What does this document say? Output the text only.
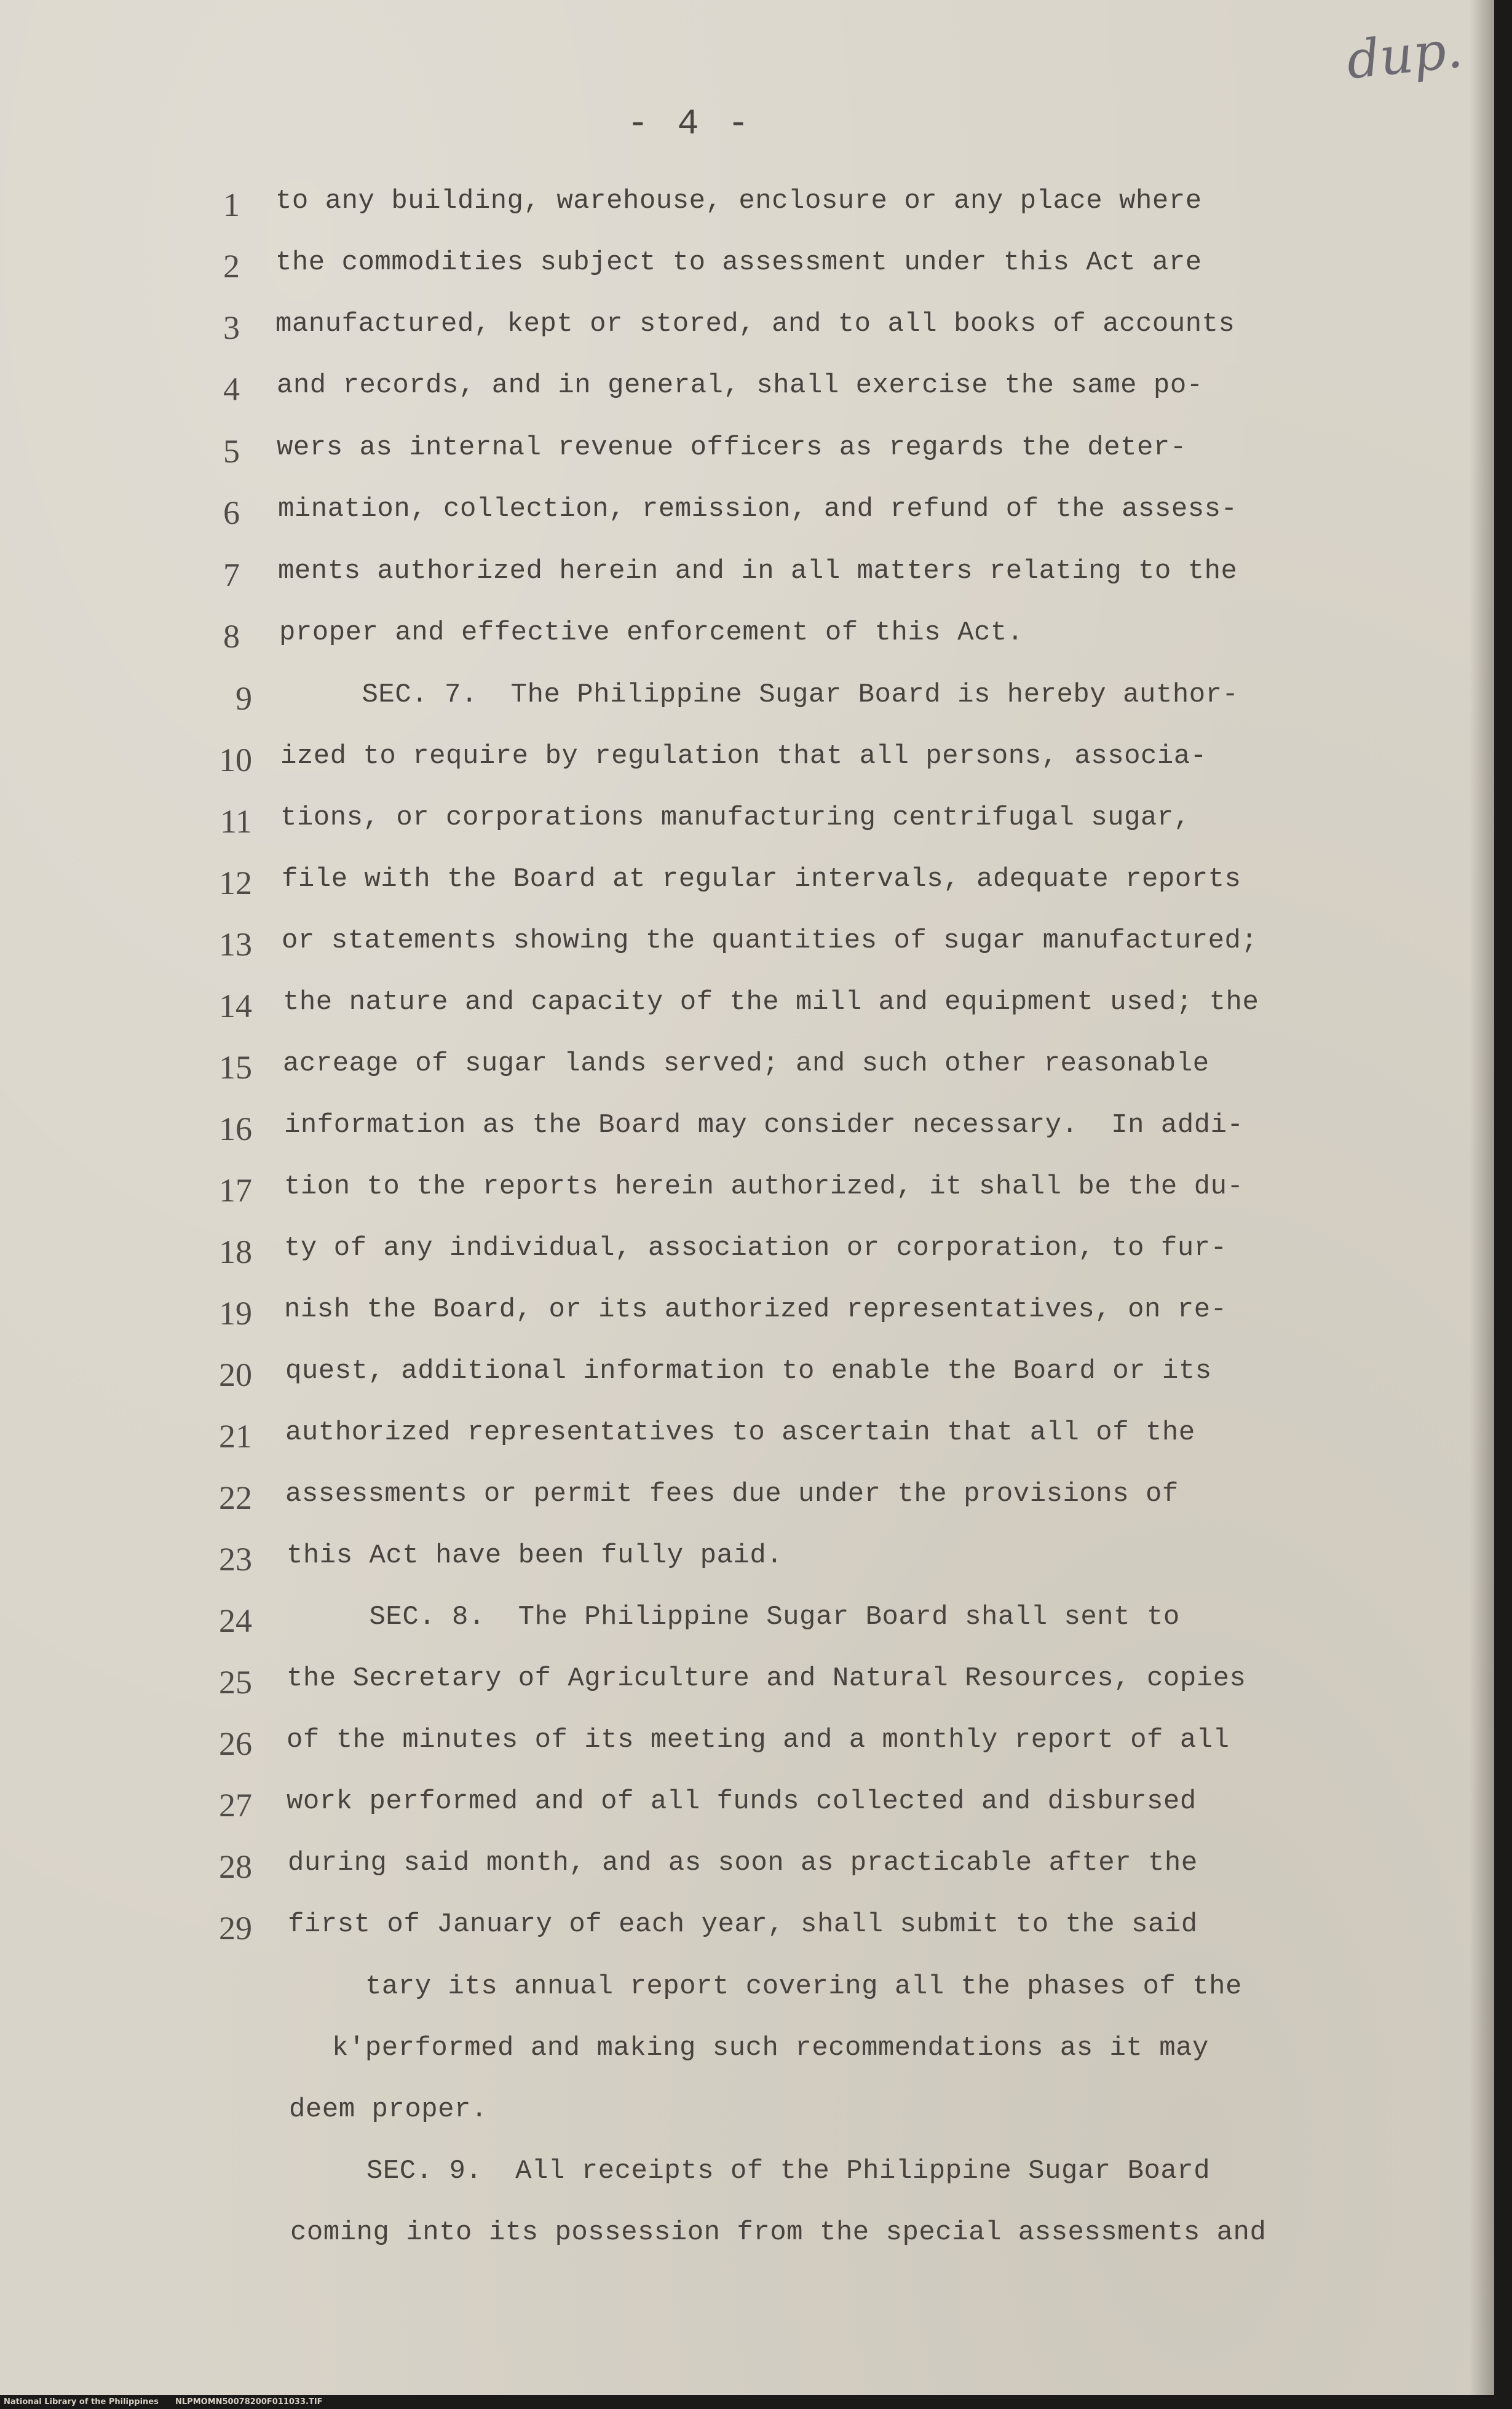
dup.
- 4 -
1 to any building, warehouse, enclosure or any place where
2 the commodities subject to assessment under this Act are
3 manufactured, kept or stored, and to all books of accounts
4 and records, and in general, shall exercise the same po-
5 wers as internal revenue officers as regards the deter-
6 mination, collection, remission, and refund of the assess-
7 ments authorized herein and in all matters relating to the
8 proper and effective enforcement of this Act.
9 SEC. 7.  The Philippine Sugar Board is hereby author-
10 ized to require by regulation that all persons, associa-
11 tions, or corporations manufacturing centrifugal sugar,
12 file with the Board at regular intervals, adequate reports
13 or statements showing the quantities of sugar manufactured;
14 the nature and capacity of the mill and equipment used; the
15 acreage of sugar lands served; and such other reasonable
16 information as the Board may consider necessary.  In addi-
17 tion to the reports herein authorized, it shall be the du-
18 ty of any individual, association or corporation, to fur-
19 nish the Board, or its authorized representatives, on re-
20 quest, additional information to enable the Board or its
21 authorized representatives to ascertain that all of the
22 assessments or permit fees due under the provisions of
23 this Act have been fully paid.
24 SEC. 8.  The Philippine Sugar Board shall sent to
25 the Secretary of Agriculture and Natural Resources, copies
26 of the minutes of its meeting and a monthly report of all
27 work performed and of all funds collected and disbursed
28 during said month, and as soon as practicable after the
29 first of January of each year, shall submit to the said
tary its annual report covering all the phases of the
k'performed and making such recommendations as it may
deem proper.
SEC. 9.  All receipts of the Philippine Sugar Board
coming into its possession from the special assessments and
National Library of the Philippines NLPMOMN50078200F011033.TIF
